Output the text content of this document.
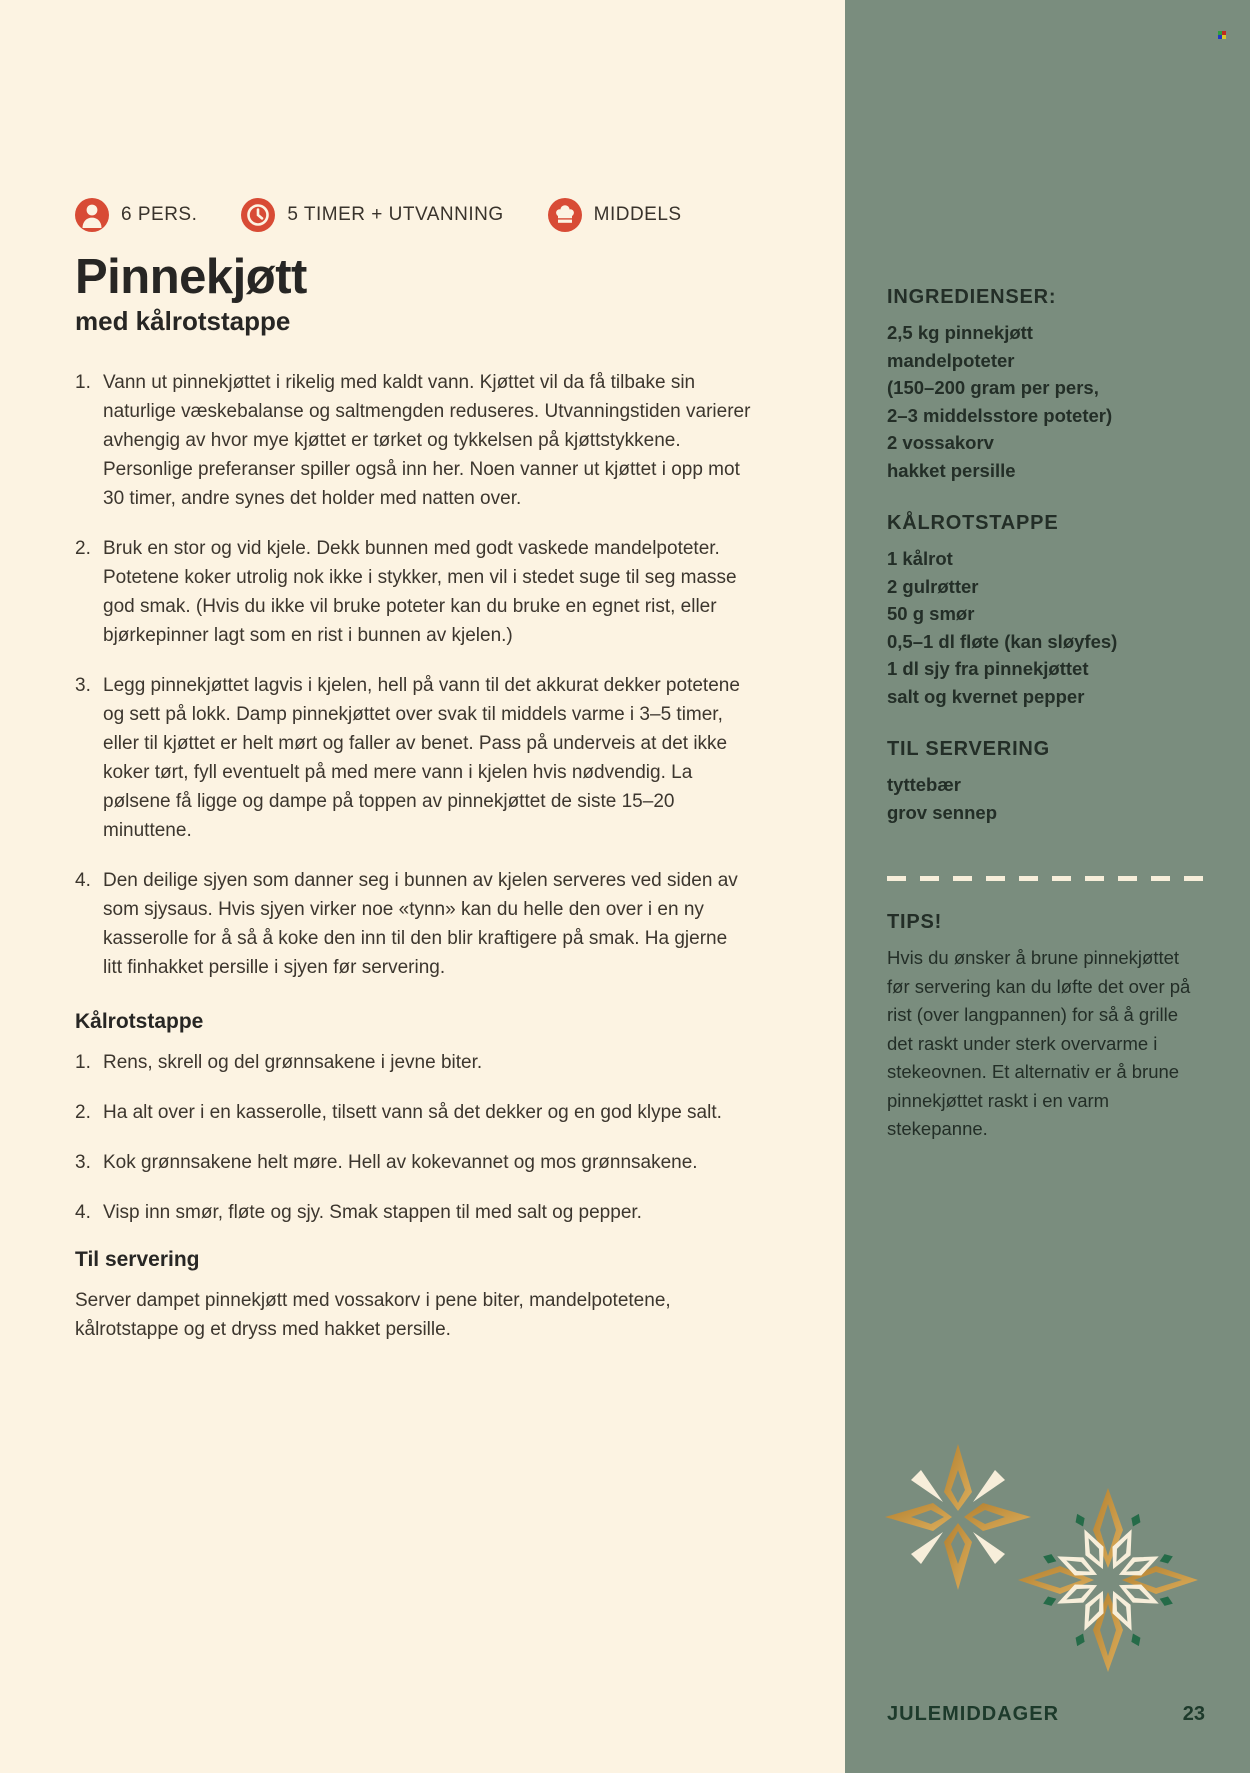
6 PERS.	5 TIMER + UTVANNING	MIDDELS
Pinnekjøtt
med kålrotstappe
1. Vann ut pinnekjøttet i rikelig med kaldt vann. Kjøttet vil da få tilbake sin naturlige væskebalanse og saltmengden reduseres. Utvanningstiden varierer avhengig av hvor mye kjøttet er tørket og tykkelsen på kjøttstykkene. Personlige preferanser spiller også inn her. Noen vanner ut kjøttet i opp mot 30 timer, andre synes det holder med natten over.
2. Bruk en stor og vid kjele. Dekk bunnen med godt vaskede mandelpoteter. Potetene koker utrolig nok ikke i stykker, men vil i stedet suge til seg masse god smak. (Hvis du ikke vil bruke poteter kan du bruke en egnet rist, eller bjørkepinner lagt som en rist i bunnen av kjelen.)
3. Legg pinnekjøttet lagvis i kjelen, hell på vann til det akkurat dekker potetene og sett på lokk. Damp pinnekjøttet over svak til middels varme i 3–5 timer, eller til kjøttet er helt mørt og faller av benet. Pass på underveis at det ikke koker tørt, fyll eventuelt på med mere vann i kjelen hvis nødvendig. La pølsene få ligge og dampe på toppen av pinnekjøttet de siste 15–20 minuttene.
4. Den deilige sjyen som danner seg i bunnen av kjelen serveres ved siden av som sjysaus. Hvis sjyen virker noe «tynn» kan du helle den over i en ny kasserolle for å så å koke den inn til den blir kraftigere på smak. Ha gjerne litt finhakket persille i sjyen før servering.
Kålrotstappe
1. Rens, skrell og del grønnsakene i jevne biter.
2. Ha alt over i en kasserolle, tilsett vann så det dekker og en god klype salt.
3. Kok grønnsakene helt møre. Hell av kokevannet og mos grønnsakene.
4. Visp inn smør, fløte og sjy. Smak stappen til med salt og pepper.
Til servering

Server dampet pinnekjøtt med vossakorv i pene biter, mandelpotetene, kålrotstappe og et dryss med hakket persille.

INGREDIENSER:
2,5 kg pinnekjøtt
mandelpoteter
(150–200 gram per pers,
2–3 middelsstore poteter)
2 vossakorv
hakket persille
KÅLROTSTAPPE
1 kålrot
2 gulrøtter
50 g smør
0,5–1 dl fløte (kan sløyfes)
1 dl sjy fra pinnekjøttet
salt og kvernet pepper
TIL SERVERING
tyttebær
grov sennep
TIPS!

Hvis du ønsker å brune pinnekjøttet før servering kan du løfte det over på rist (over langpannen) for så å grille det raskt under sterk overvarme i stekeovnen. Et alternativ er å brune pinnekjøttet raskt i en varm stekepanne.

JULEMIDDAGER	23
